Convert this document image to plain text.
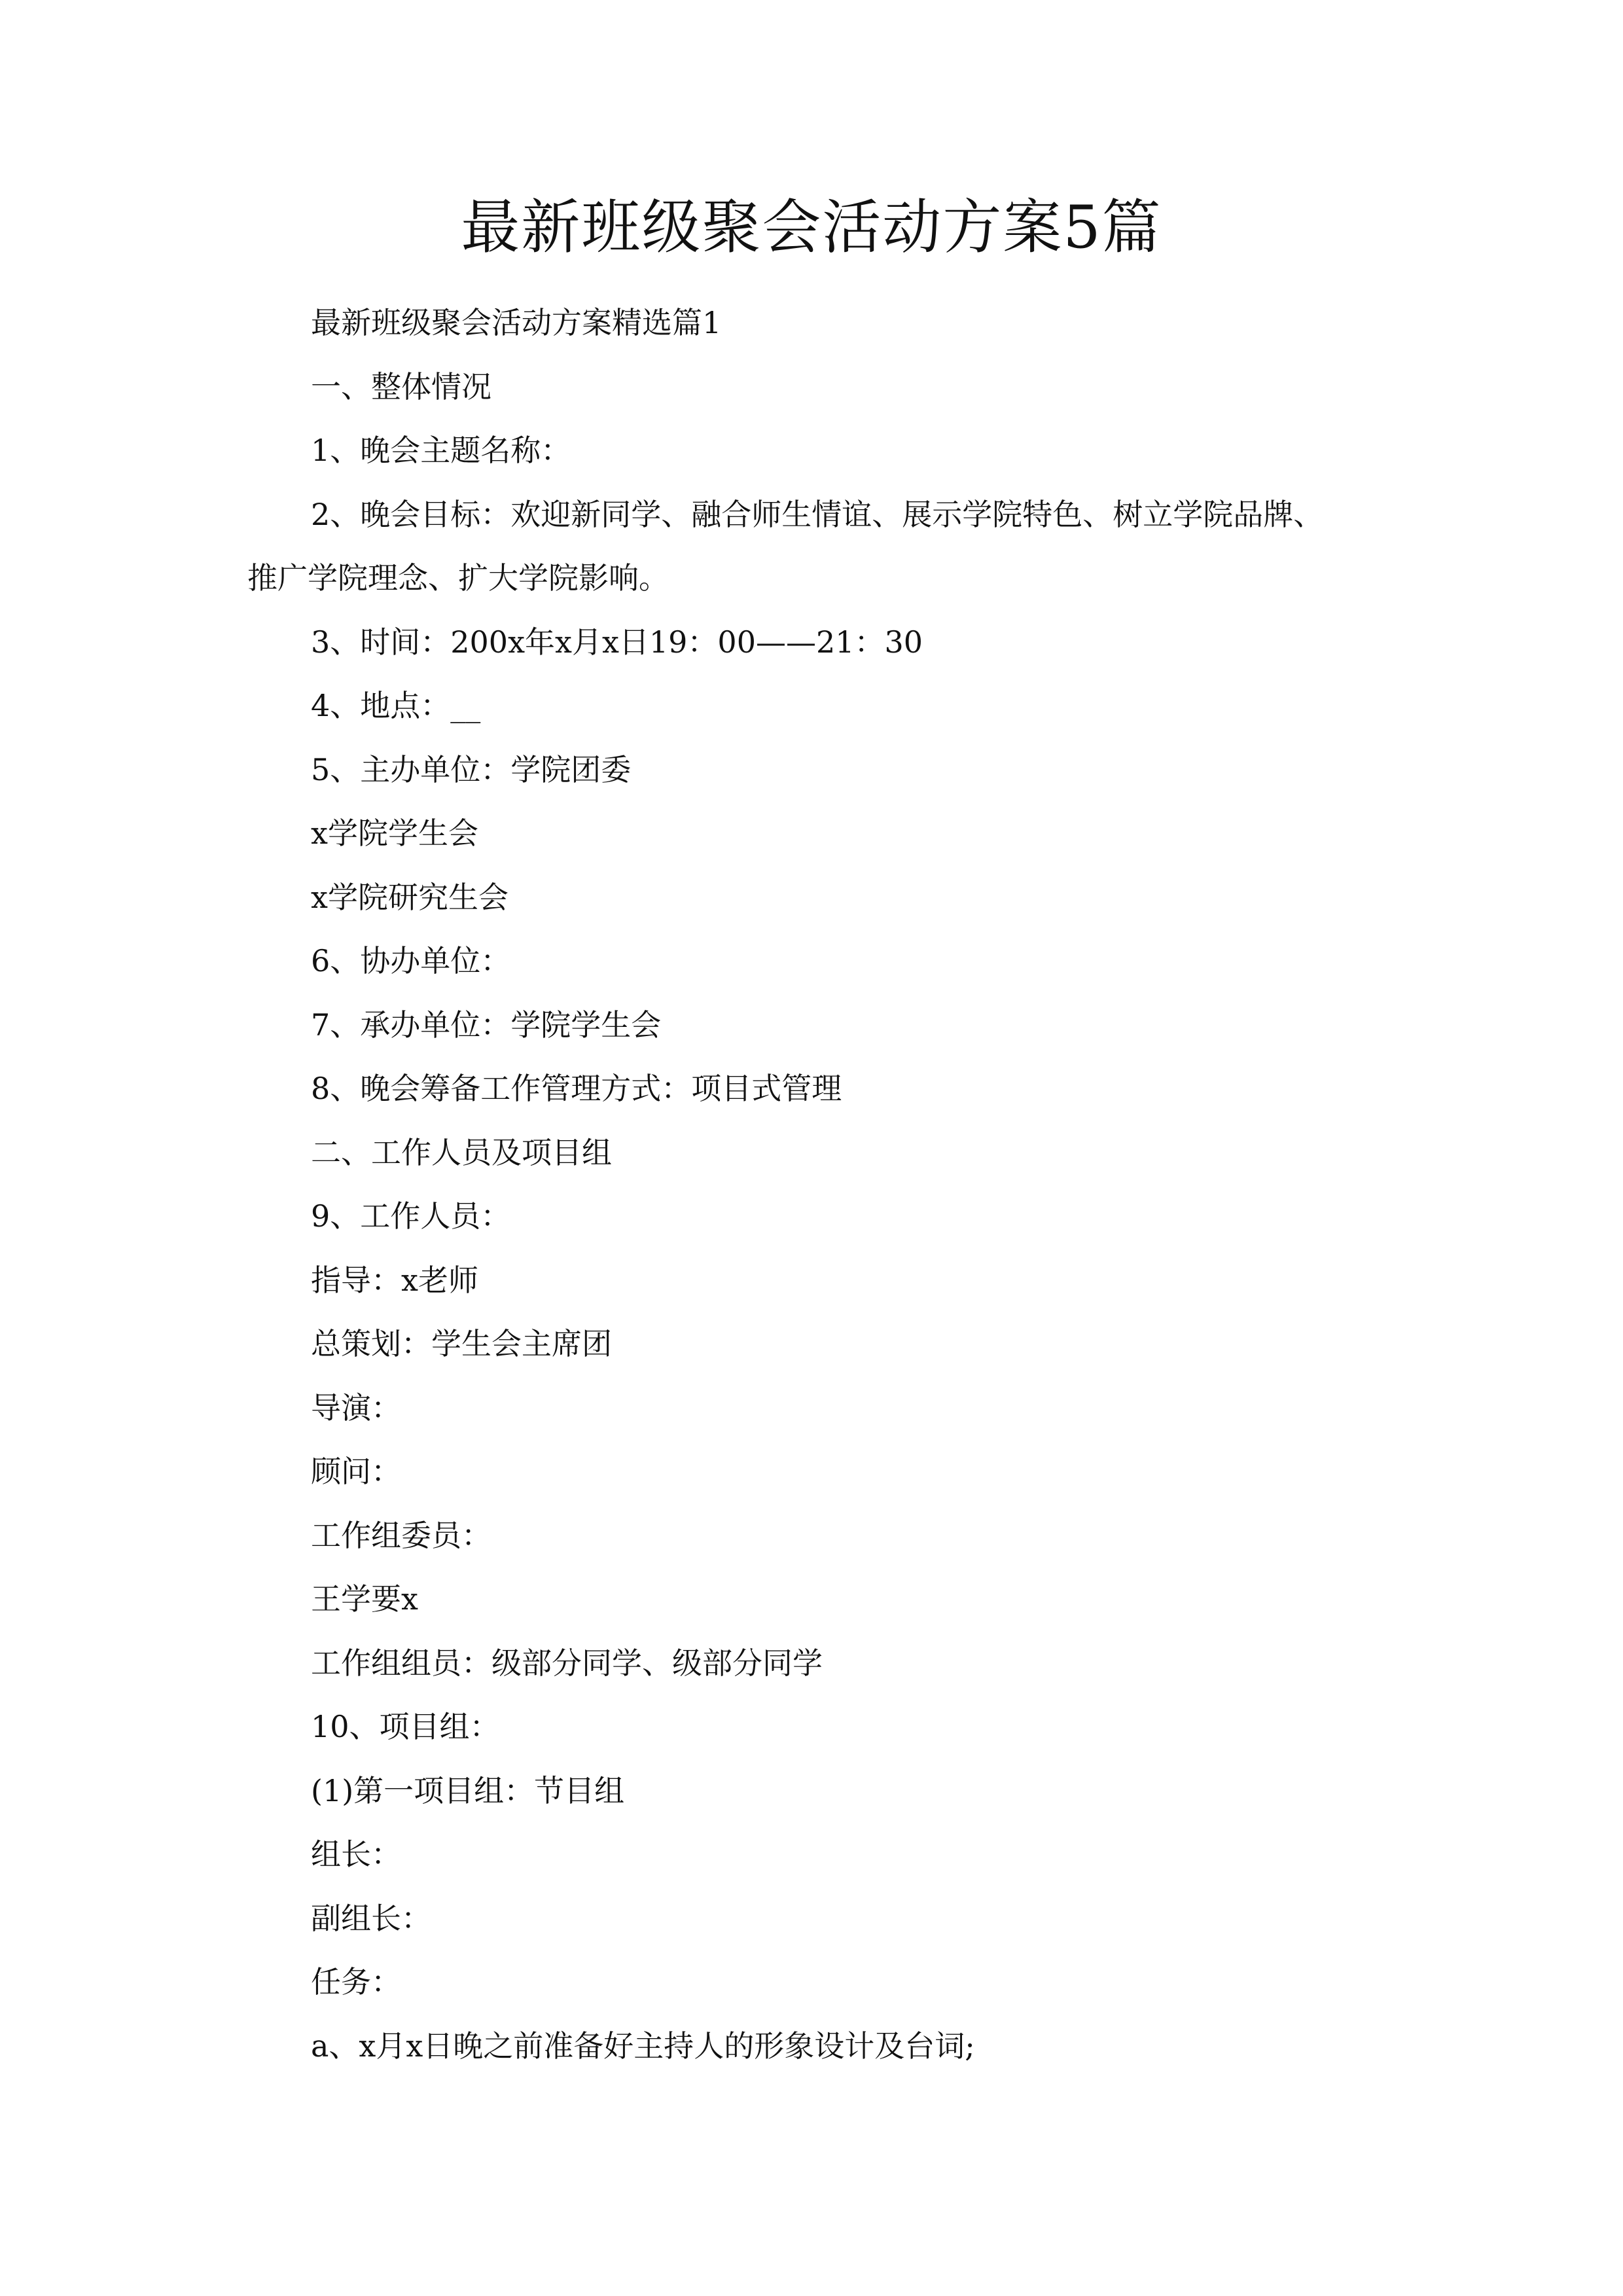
最新班级聚会活动方案5篇
最新班级聚会活动方案精选篇1
一、整体情况
1、晚会主题名称：
2、晚会目标：欢迎新同学、融合师生情谊、展示学院特色、树立学院品牌、
推广学院理念、扩大学院影响。
3、时间：200x年x月x日19：00——21：30
4、地点：__
5、主办单位：学院团委
x学院学生会
x学院研究生会
6、协办单位：
7、承办单位：学院学生会
8、晚会筹备工作管理方式：项目式管理
二、工作人员及项目组
9、工作人员：
指导：x老师
总策划：学生会主席团
导演：
顾问：
工作组委员：
王学要x
工作组组员：级部分同学、级部分同学
10、项目组：
(1)第一项目组：节目组
组长：
副组长：
任务：
a、x月x日晚之前准备好主持人的形象设计及台词;
